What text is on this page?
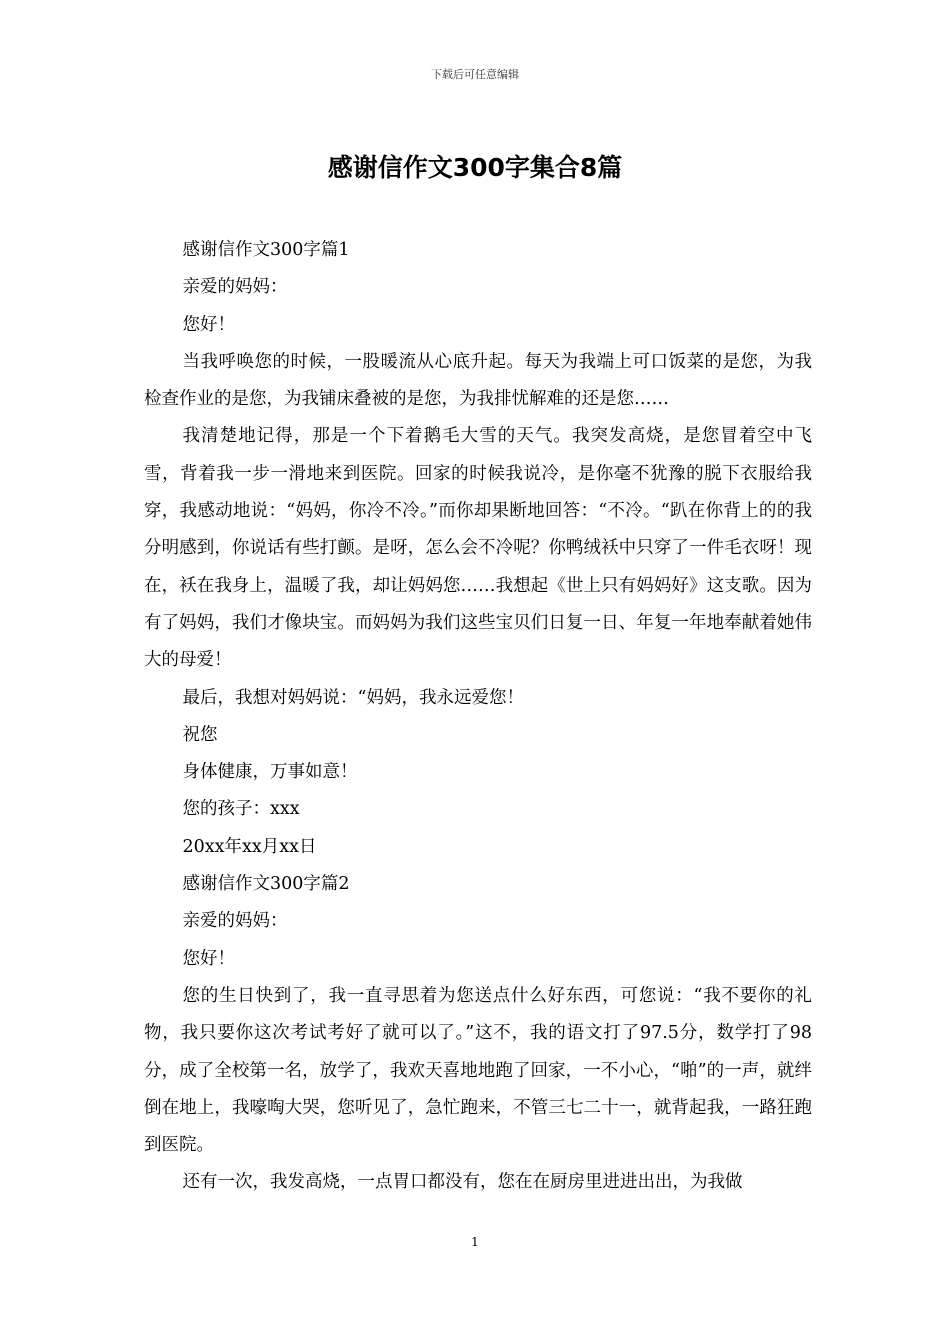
下载后可任意编辑
感谢信作文300字集合8篇

感谢信作文300字篇1

亲爱的妈妈：

您好！

当我呼唤您的时候，一股暖流从心底升起。每天为我端上可口饭菜的是您，为我检查作业的是您，为我铺床叠被的是您，为我排忧解难的还是您……

我清楚地记得，那是一个下着鹅毛大雪的天气。我突发高烧，是您冒着空中飞雪，背着我一步一滑地来到医院。回家的时候我说冷，是你毫不犹豫的脱下衣服给我穿，我感动地说：“妈妈，你冷不冷。”而你却果断地回答：“不冷。“趴在你背上的的我分明感到，你说话有些打颤。是呀，怎么会不冷呢？你鸭绒袄中只穿了一件毛衣呀！现在，袄在我身上，温暖了我，却让妈妈您……我想起《世上只有妈妈好》这支歌。因为有了妈妈，我们才像块宝。而妈妈为我们这些宝贝们日复一日、年复一年地奉献着她伟大的母爱！

最后，我想对妈妈说：“妈妈，我永远爱您！

祝您

身体健康，万事如意！

您的孩子：xxx

20xx年xx月xx日

感谢信作文300字篇2

亲爱的妈妈：

您好！

您的生日快到了，我一直寻思着为您送点什么好东西，可您说：“我不要你的礼物，我只要你这次考试考好了就可以了。”这不，我的语文打了97.5分，数学打了98分，成了全校第一名，放学了，我欢天喜地地跑了回家，一不小心，“啪”的一声，就绊倒在地上，我嚎啕大哭，您听见了，急忙跑来，不管三七二十一，就背起我，一路狂跑到医院。

还有一次，我发高烧，一点胃口都没有，您在在厨房里进进出出，为我做

1
